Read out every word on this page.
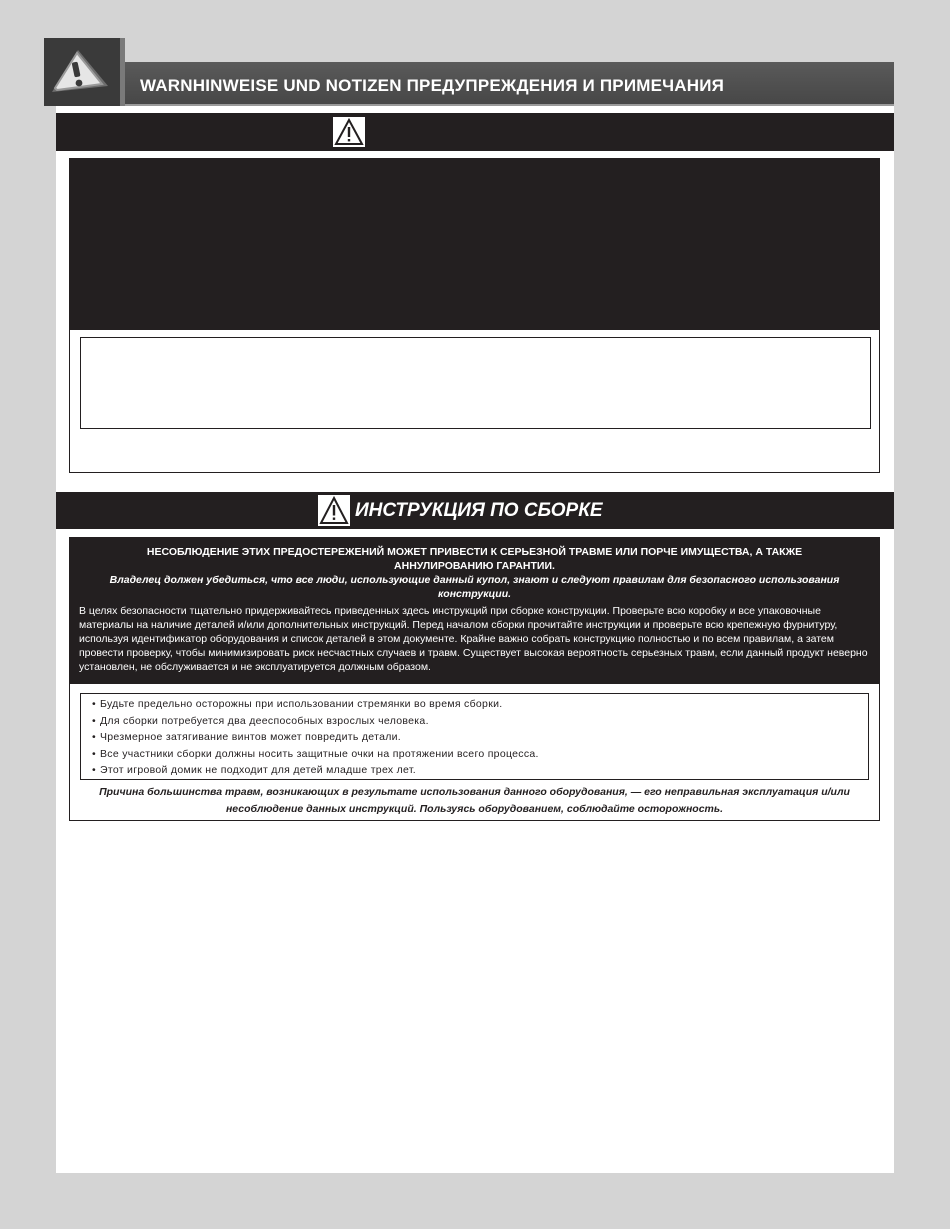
WARNHINWEISE UND NOTIZEN ПРЕДУПРЕЖДЕНИЯ И ПРИМЕЧАНИЯ
ИНСТРУКЦИЯ ПО СБОРКЕ
НЕСОБЛЮДЕНИЕ ЭТИХ ПРЕДОСТЕРЕЖЕНИЙ МОЖЕТ ПРИВЕСТИ К СЕРЬЕЗНОЙ ТРАВМЕ ИЛИ ПОРЧЕ ИМУЩЕСТВА, А ТАКЖЕ АННУЛИРОВАНИЮ ГАРАНТИИ.
Владелец должен убедиться, что все люди, использующие данный купол, знают и следуют правилам для безопасного использования конструкции.
В целях безопасности тщательно придерживайтесь приведенных здесь инструкций при сборке конструкции. Проверьте всю коробку и все упаковочные материалы на наличие деталей и/или дополнительных инструкций. Перед началом сборки прочитайте инструкции и проверьте всю крепежную фурнитуру, используя идентификатор оборудования и список деталей в этом документе. Крайне важно собрать конструкцию полностью и по всем правилам, а затем провести проверку, чтобы минимизировать риск несчастных случаев и травм. Существует высокая вероятность серьезных травм, если данный продукт неверно установлен, не обслуживается и не эксплуатируется должным образом.
• Будьте предельно осторожны при использовании стремянки во время сборки.
• Для сборки потребуется два дееспособных взрослых человека.
• Чрезмерное затягивание винтов может повредить детали.
• Все участники сборки должны носить защитные очки на протяжении всего процесса.
• Этот игровой домик не подходит для детей младше трех лет.
Причина большинства травм, возникающих в результате использования данного оборудования, — его неправильная эксплуатация и/или несоблюдение данных инструкций. Пользуясь оборудованием, соблюдайте осторожность.
